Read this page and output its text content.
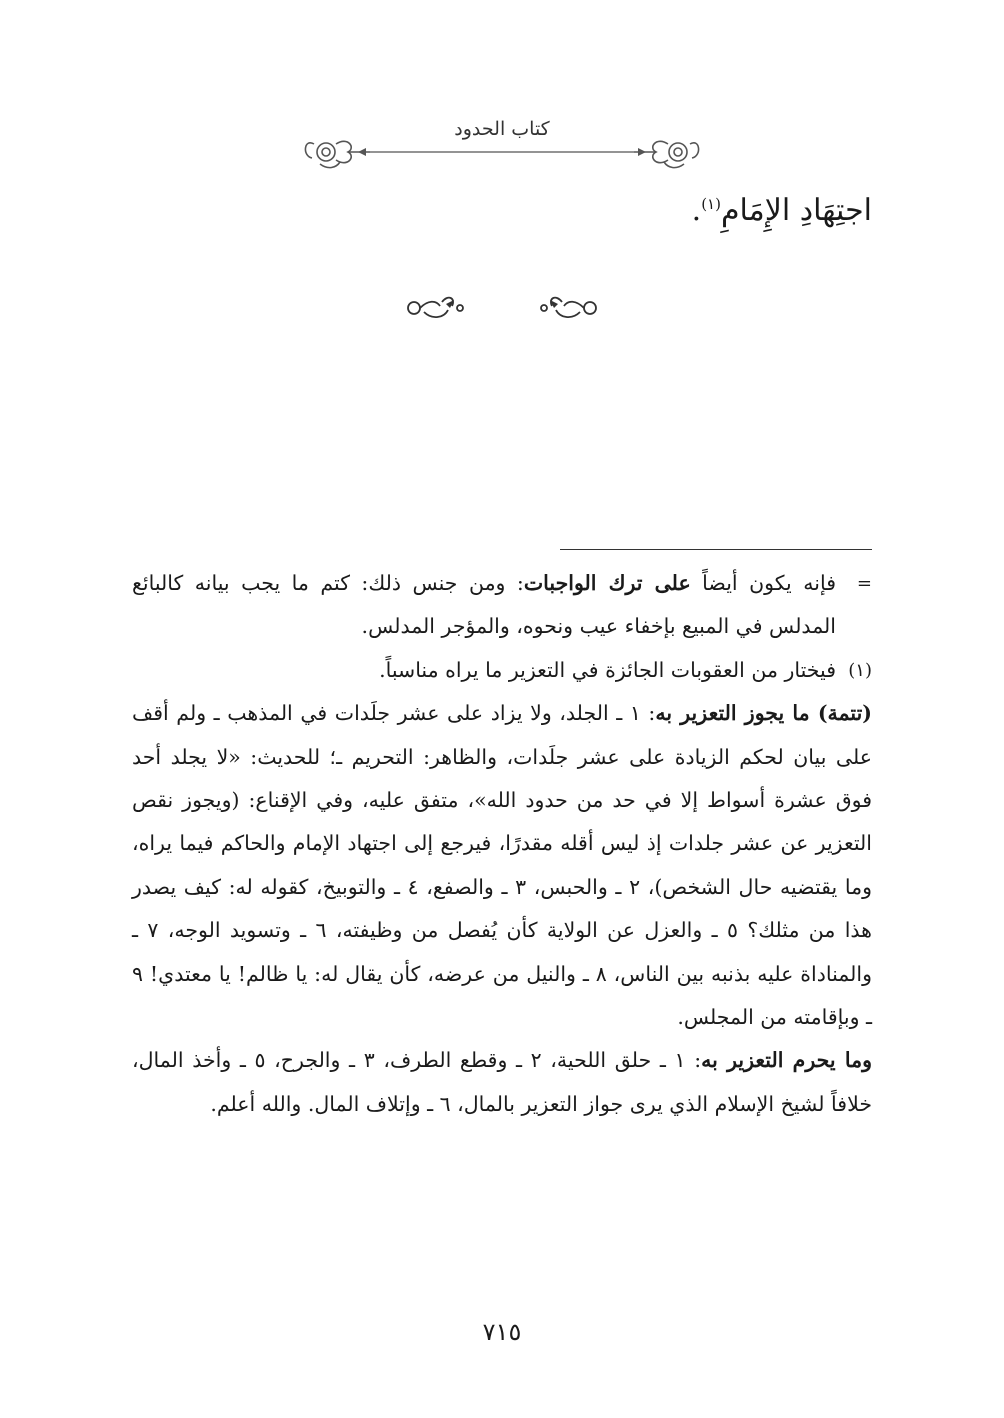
كتاب الحدود
اجتِهَادِ الإِمَامِ$^{(١)}$.
=
فإنه يكون أيضاً على ترك الواجبات: ومن جنس ذلك: كتم ما يجب بيانه كالبائع المدلس في المبيع بإخفاء عيب ونحوه، والمؤجر المدلس.
(١)
فيختار من العقوبات الجائزة في التعزير ما يراه مناسباً.

(تتمة) ما يجوز التعزير به: ١ ـ الجلد، ولا يزاد على عشر جلَدات في المذهب ـ ولم أقف على بيان لحكم الزيادة على عشر جلَدات، والظاهر: التحريم ـ؛ للحديث: «لا يجلد أحد فوق عشرة أسواط إلا في حد من حدود الله»، متفق عليه، وفي الإقناع: (ويجوز نقص التعزير عن عشر جلدات إذ ليس أقله مقدرًا، فيرجع إلى اجتهاد الإمام والحاكم فيما يراه، وما يقتضيه حال الشخص)، ٢ ـ والحبس، ٣ ـ والصفع، ٤ ـ والتوبيخ، كقوله له: كيف يصدر هذا من مثلك؟ ٥ ـ والعزل عن الولاية كأن يُفصل من وظيفته، ٦ ـ وتسويد الوجه، ٧ ـ والمناداة عليه بذنبه بين الناس، ٨ ـ والنيل من عرضه، كأن يقال له: يا ظالم! يا معتدي! ٩ ـ وبإقامته من المجلس.

وما يحرم التعزير به: ١ ـ حلق اللحية، ٢ ـ وقطع الطرف، ٣ ـ والجرح، ٥ ـ وأخذ المال، خلافاً لشيخ الإسلام الذي يرى جواز التعزير بالمال، ٦ ـ وإتلاف المال. والله أعلم.

٧١٥
